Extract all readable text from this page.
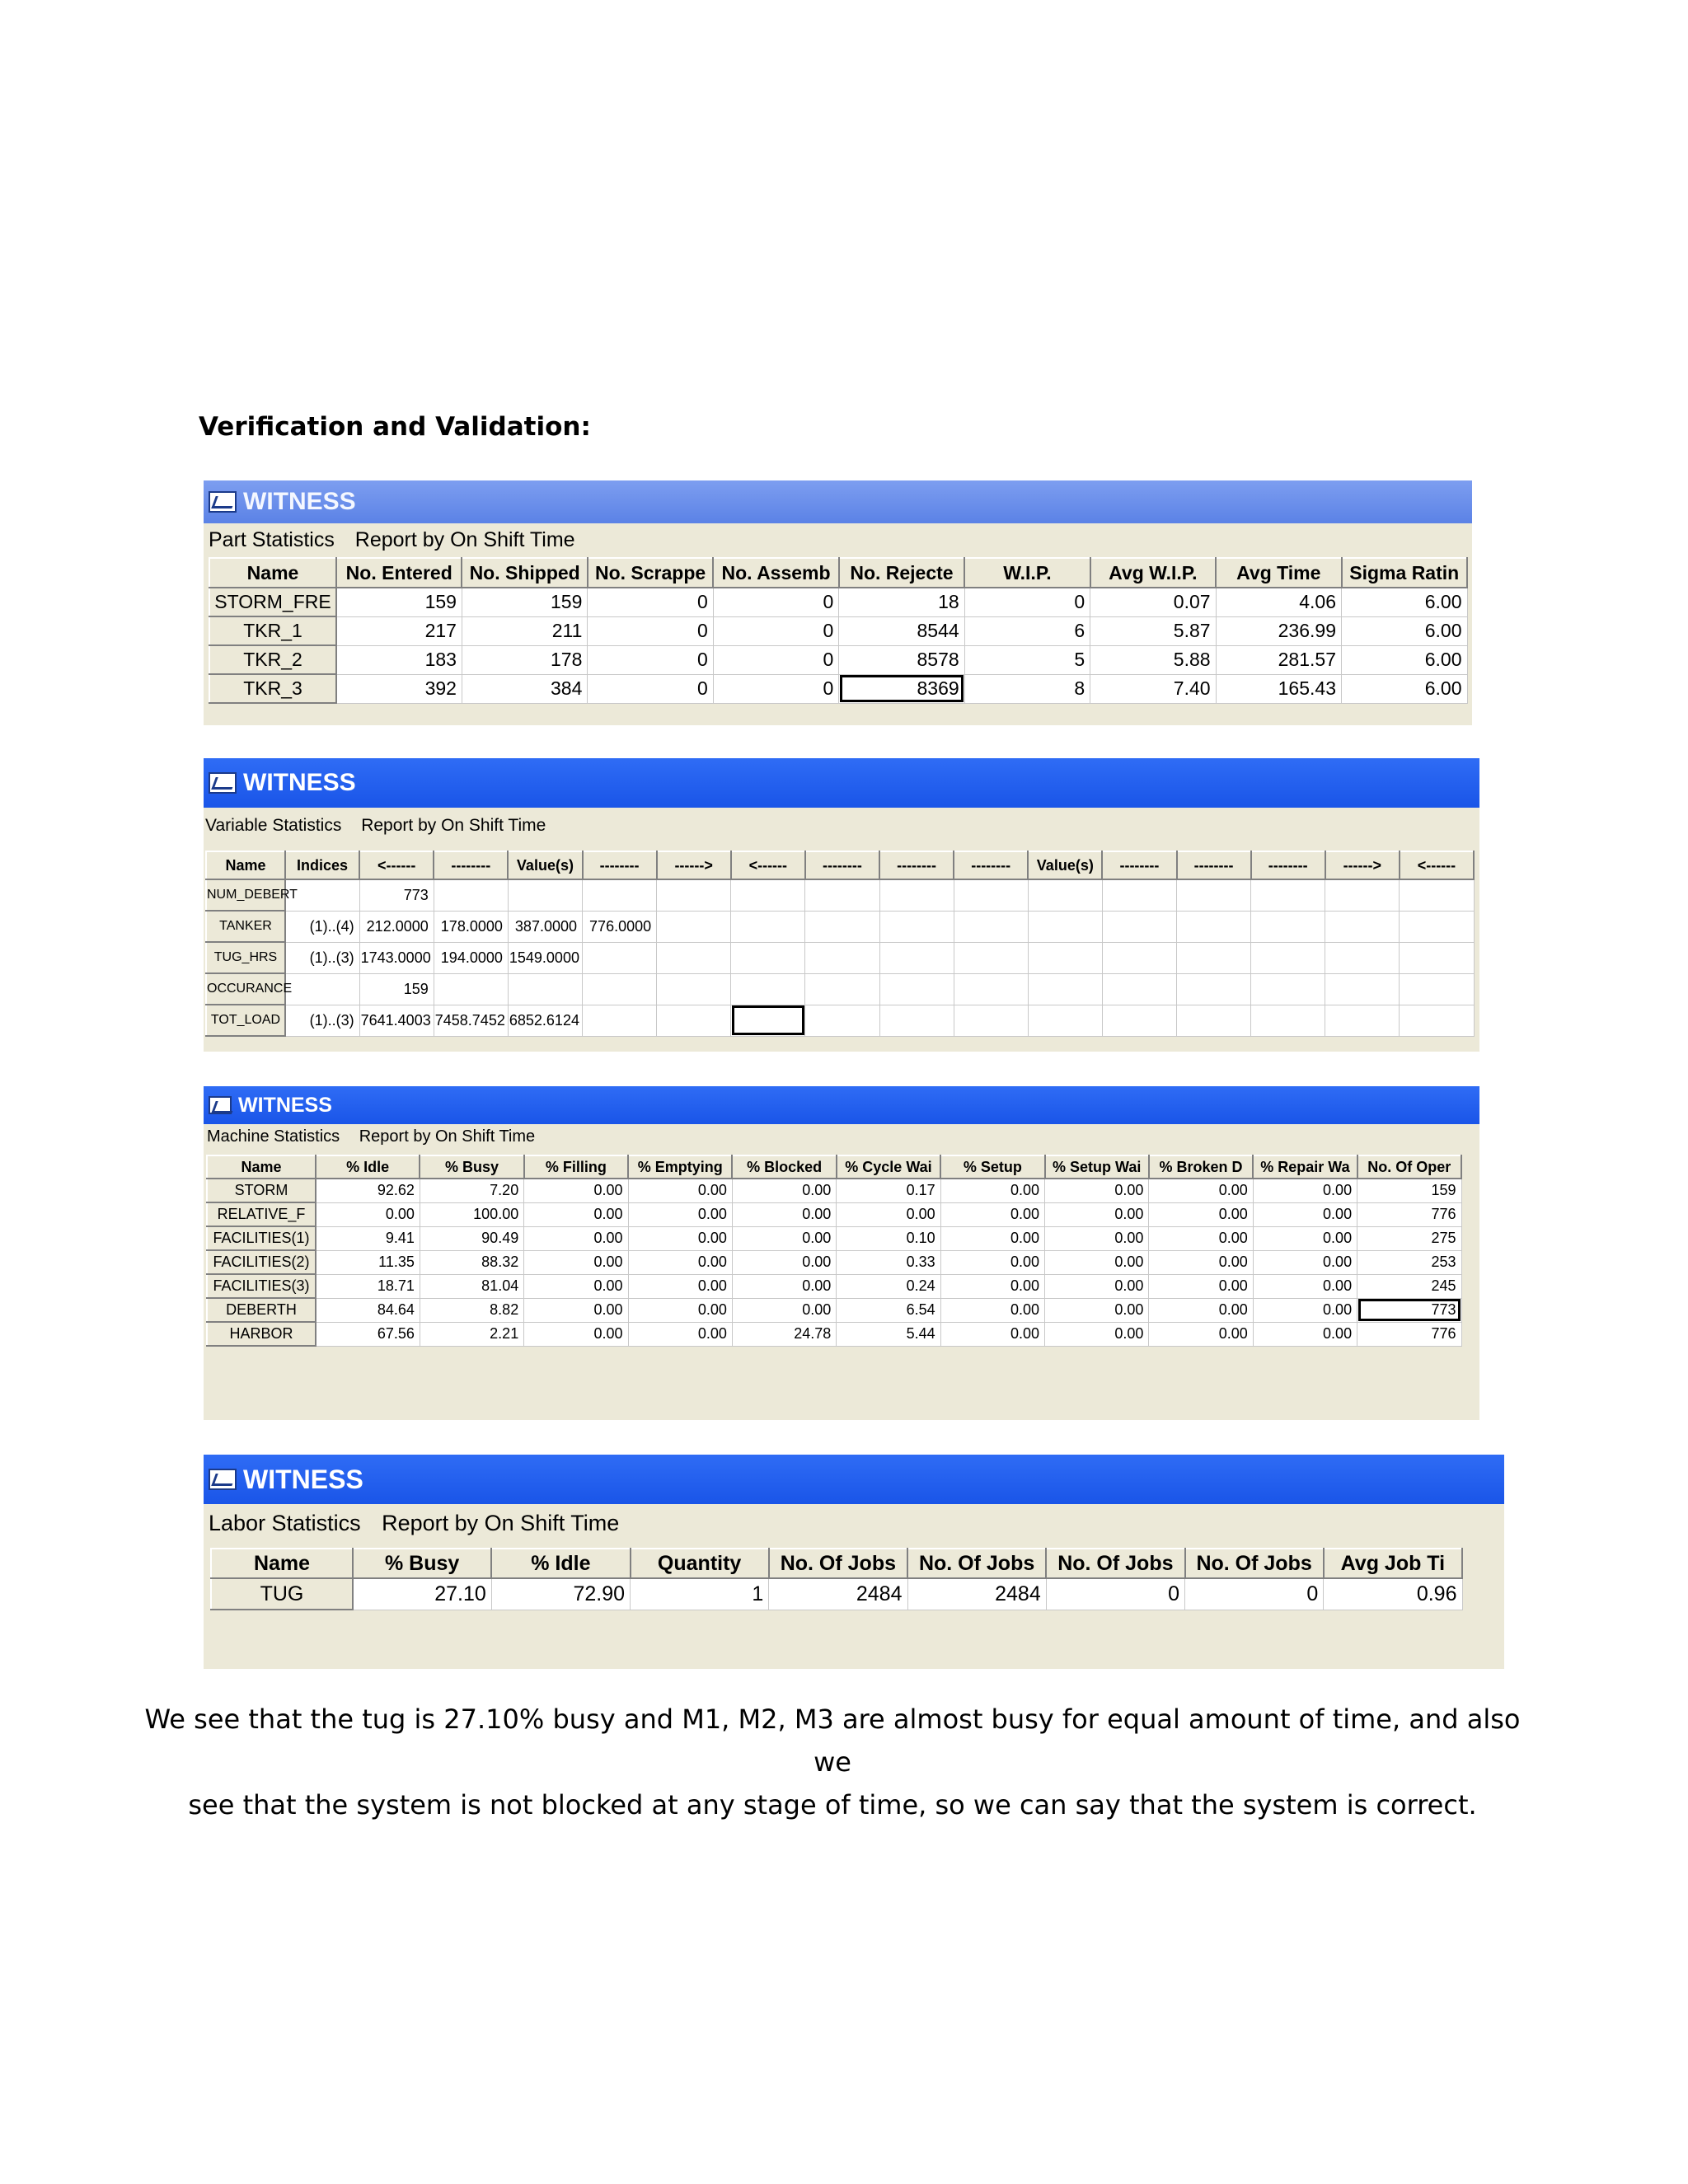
Verification and Validation:
WITNESS
Part Statistics Report by On Shift Time
Name	No. Entered	No. Shipped	No. Scrappe	No. Assemb	No. Rejecte	W.I.P.	Avg W.I.P.	Avg Time	Sigma Ratin
STORM_FRE	159	159	0	0	18	0	0.07	4.06	6.00
TKR_1	217	211	0	0	8544	6	5.87	236.99	6.00
TKR_2	183	178	0	0	8578	5	5.88	281.57	6.00
TKR_3	392	384	0	0	8369	8	7.40	165.43	6.00
WITNESS
Variable Statistics Report by On Shift Time
Name	Indices	<------	--------	Value(s)	--------	------>	<------	--------	--------	--------	Value(s)	--------	--------	--------	------>	<------
NUM_DEBERT		773														
TANKER	(1)..(4)	212.0000	178.0000	387.0000	776.0000											
TUG_HRS	(1)..(3)	1743.0000	194.0000	1549.0000												
OCCURANCE		159														
TOT_LOAD	(1)..(3)	7641.4003	7458.7452	6852.6124												
WITNESS
Machine Statistics Report by On Shift Time
Name	% Idle	% Busy	% Filling	% Emptying	% Blocked	% Cycle Wai	% Setup	% Setup Wai	% Broken D	% Repair Wa	No. Of Oper
STORM	92.62	7.20	0.00	0.00	0.00	0.17	0.00	0.00	0.00	0.00	159
RELATIVE_F	0.00	100.00	0.00	0.00	0.00	0.00	0.00	0.00	0.00	0.00	776
FACILITIES(1)	9.41	90.49	0.00	0.00	0.00	0.10	0.00	0.00	0.00	0.00	275
FACILITIES(2)	11.35	88.32	0.00	0.00	0.00	0.33	0.00	0.00	0.00	0.00	253
FACILITIES(3)	18.71	81.04	0.00	0.00	0.00	0.24	0.00	0.00	0.00	0.00	245
DEBERTH	84.64	8.82	0.00	0.00	0.00	6.54	0.00	0.00	0.00	0.00	773
HARBOR	67.56	2.21	0.00	0.00	24.78	5.44	0.00	0.00	0.00	0.00	776
WITNESS
Labor Statistics Report by On Shift Time
Name	% Busy	% Idle	Quantity	No. Of Jobs	No. Of Jobs	No. Of Jobs	No. Of Jobs	Avg Job Ti
TUG	27.10	72.90	1	2484	2484	0	0	0.96
We see that the tug is 27.10% busy and M1, M2, M3 are almost busy for equal amount of time, and also we
see that the system is not blocked at any stage of time, so we can say that the system is correct.
